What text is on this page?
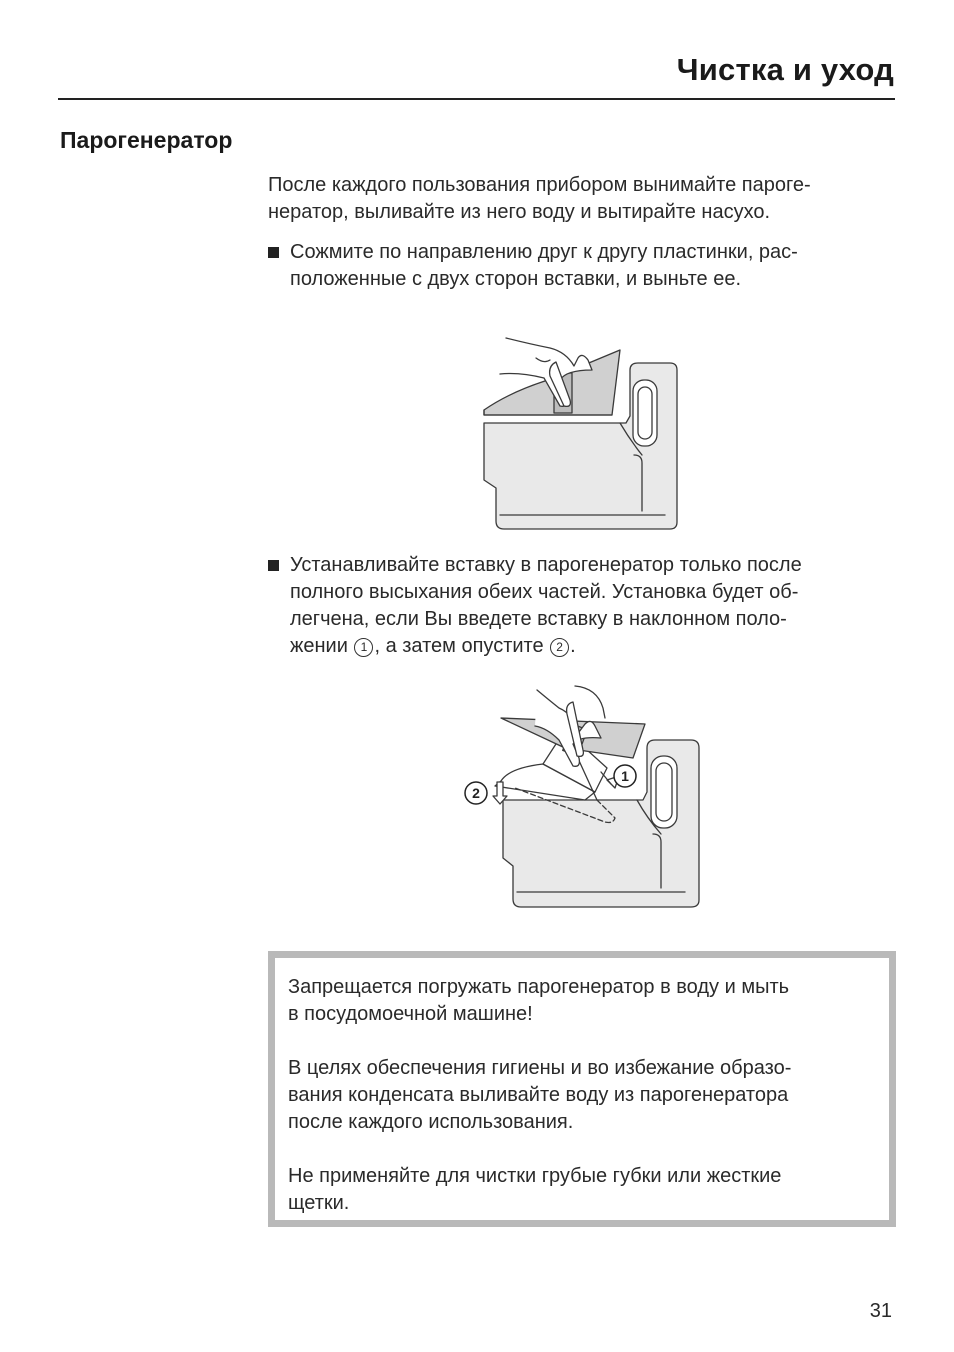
Чистка и уход
Парогенератор
После каждого пользования прибором вынимайте пароге-
нератор, выливайте из него воду и вытирайте насухо.
Сожмите по направлению друг к другу пластинки, рас-
положенные с двух сторон вставки, и выньте ее.
Устанавливайте вставку в парогенератор только после
полного высыхания обеих частей. Установка будет об-
легчена, если Вы введете вставку в наклонном поло-
жении 1 , а затем опустите 2 .
1
2
Запрещается погружать парогенератор в воду и мыть
в посудомоечной машине!
В целях обеспечения гигиены и во избежание образо-
вания конденсата выливайте воду из парогенератора
после каждого использования.
Не применяйте для чистки грубые губки или жесткие
щетки.
31
